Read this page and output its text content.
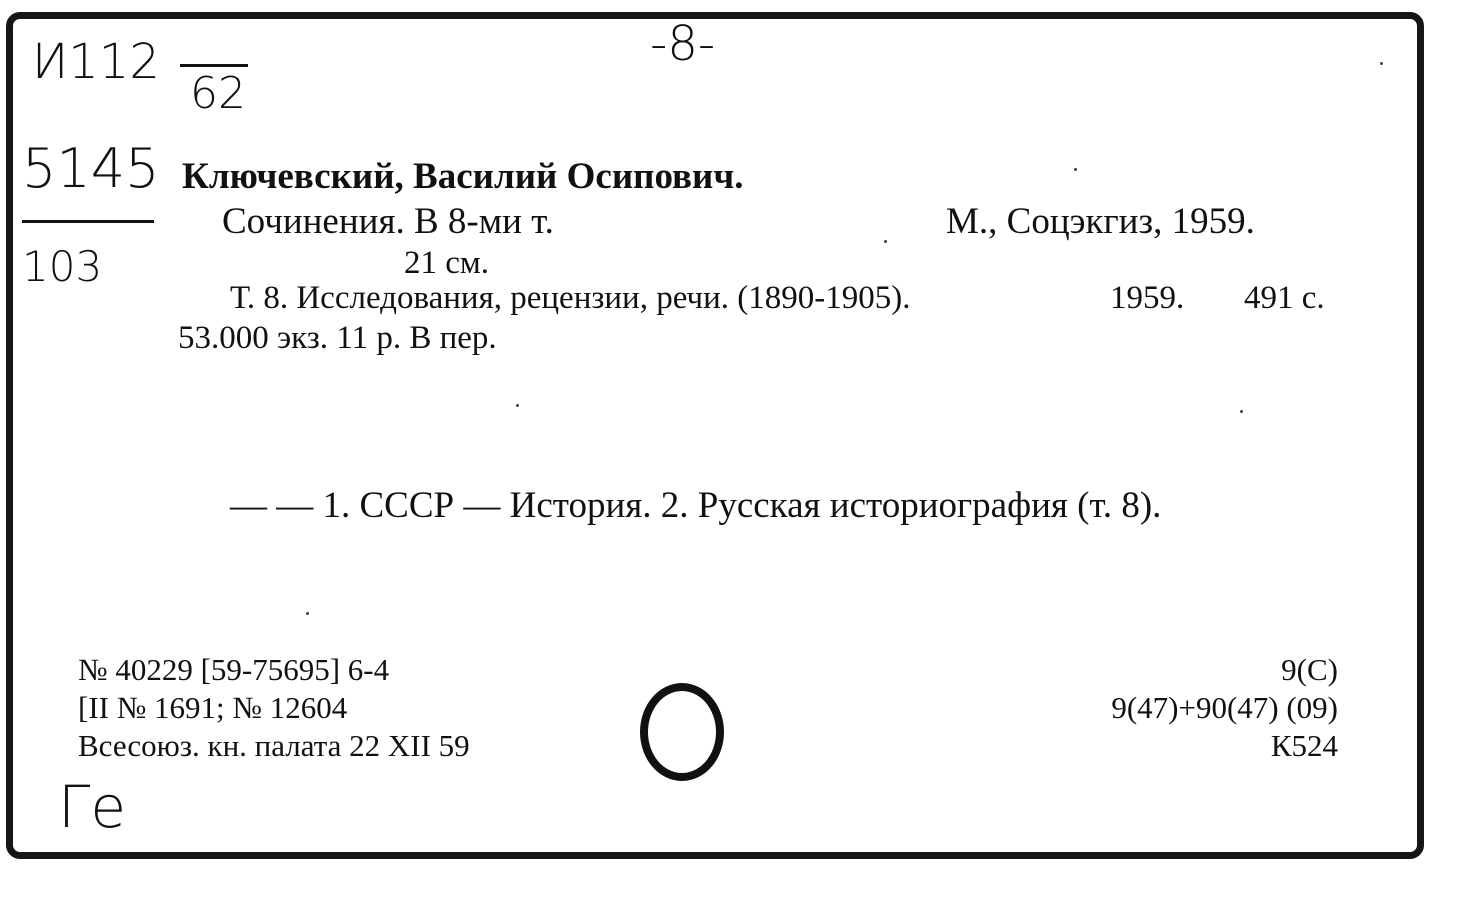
И112
62
-8-
5145
103
Ге
Ключевский, Василий Осипович.
Сочинения. В 8-ми т.	М., Соцэкгиз, 1959.
21 см.
Т. 8. Исследования, рецензии, речи. (1890-1905).	1959. 491 с.
53.000 экз. 11 р. В пер.
— — 1. СССР — История. 2. Русская историография (т. 8).
№ 40229 [59-75695] 6-4
[II № 1691; № 12604
Всесоюз. кн. палата 22 XII 59
9(С)
9(47)+90(47) (09)
К524
